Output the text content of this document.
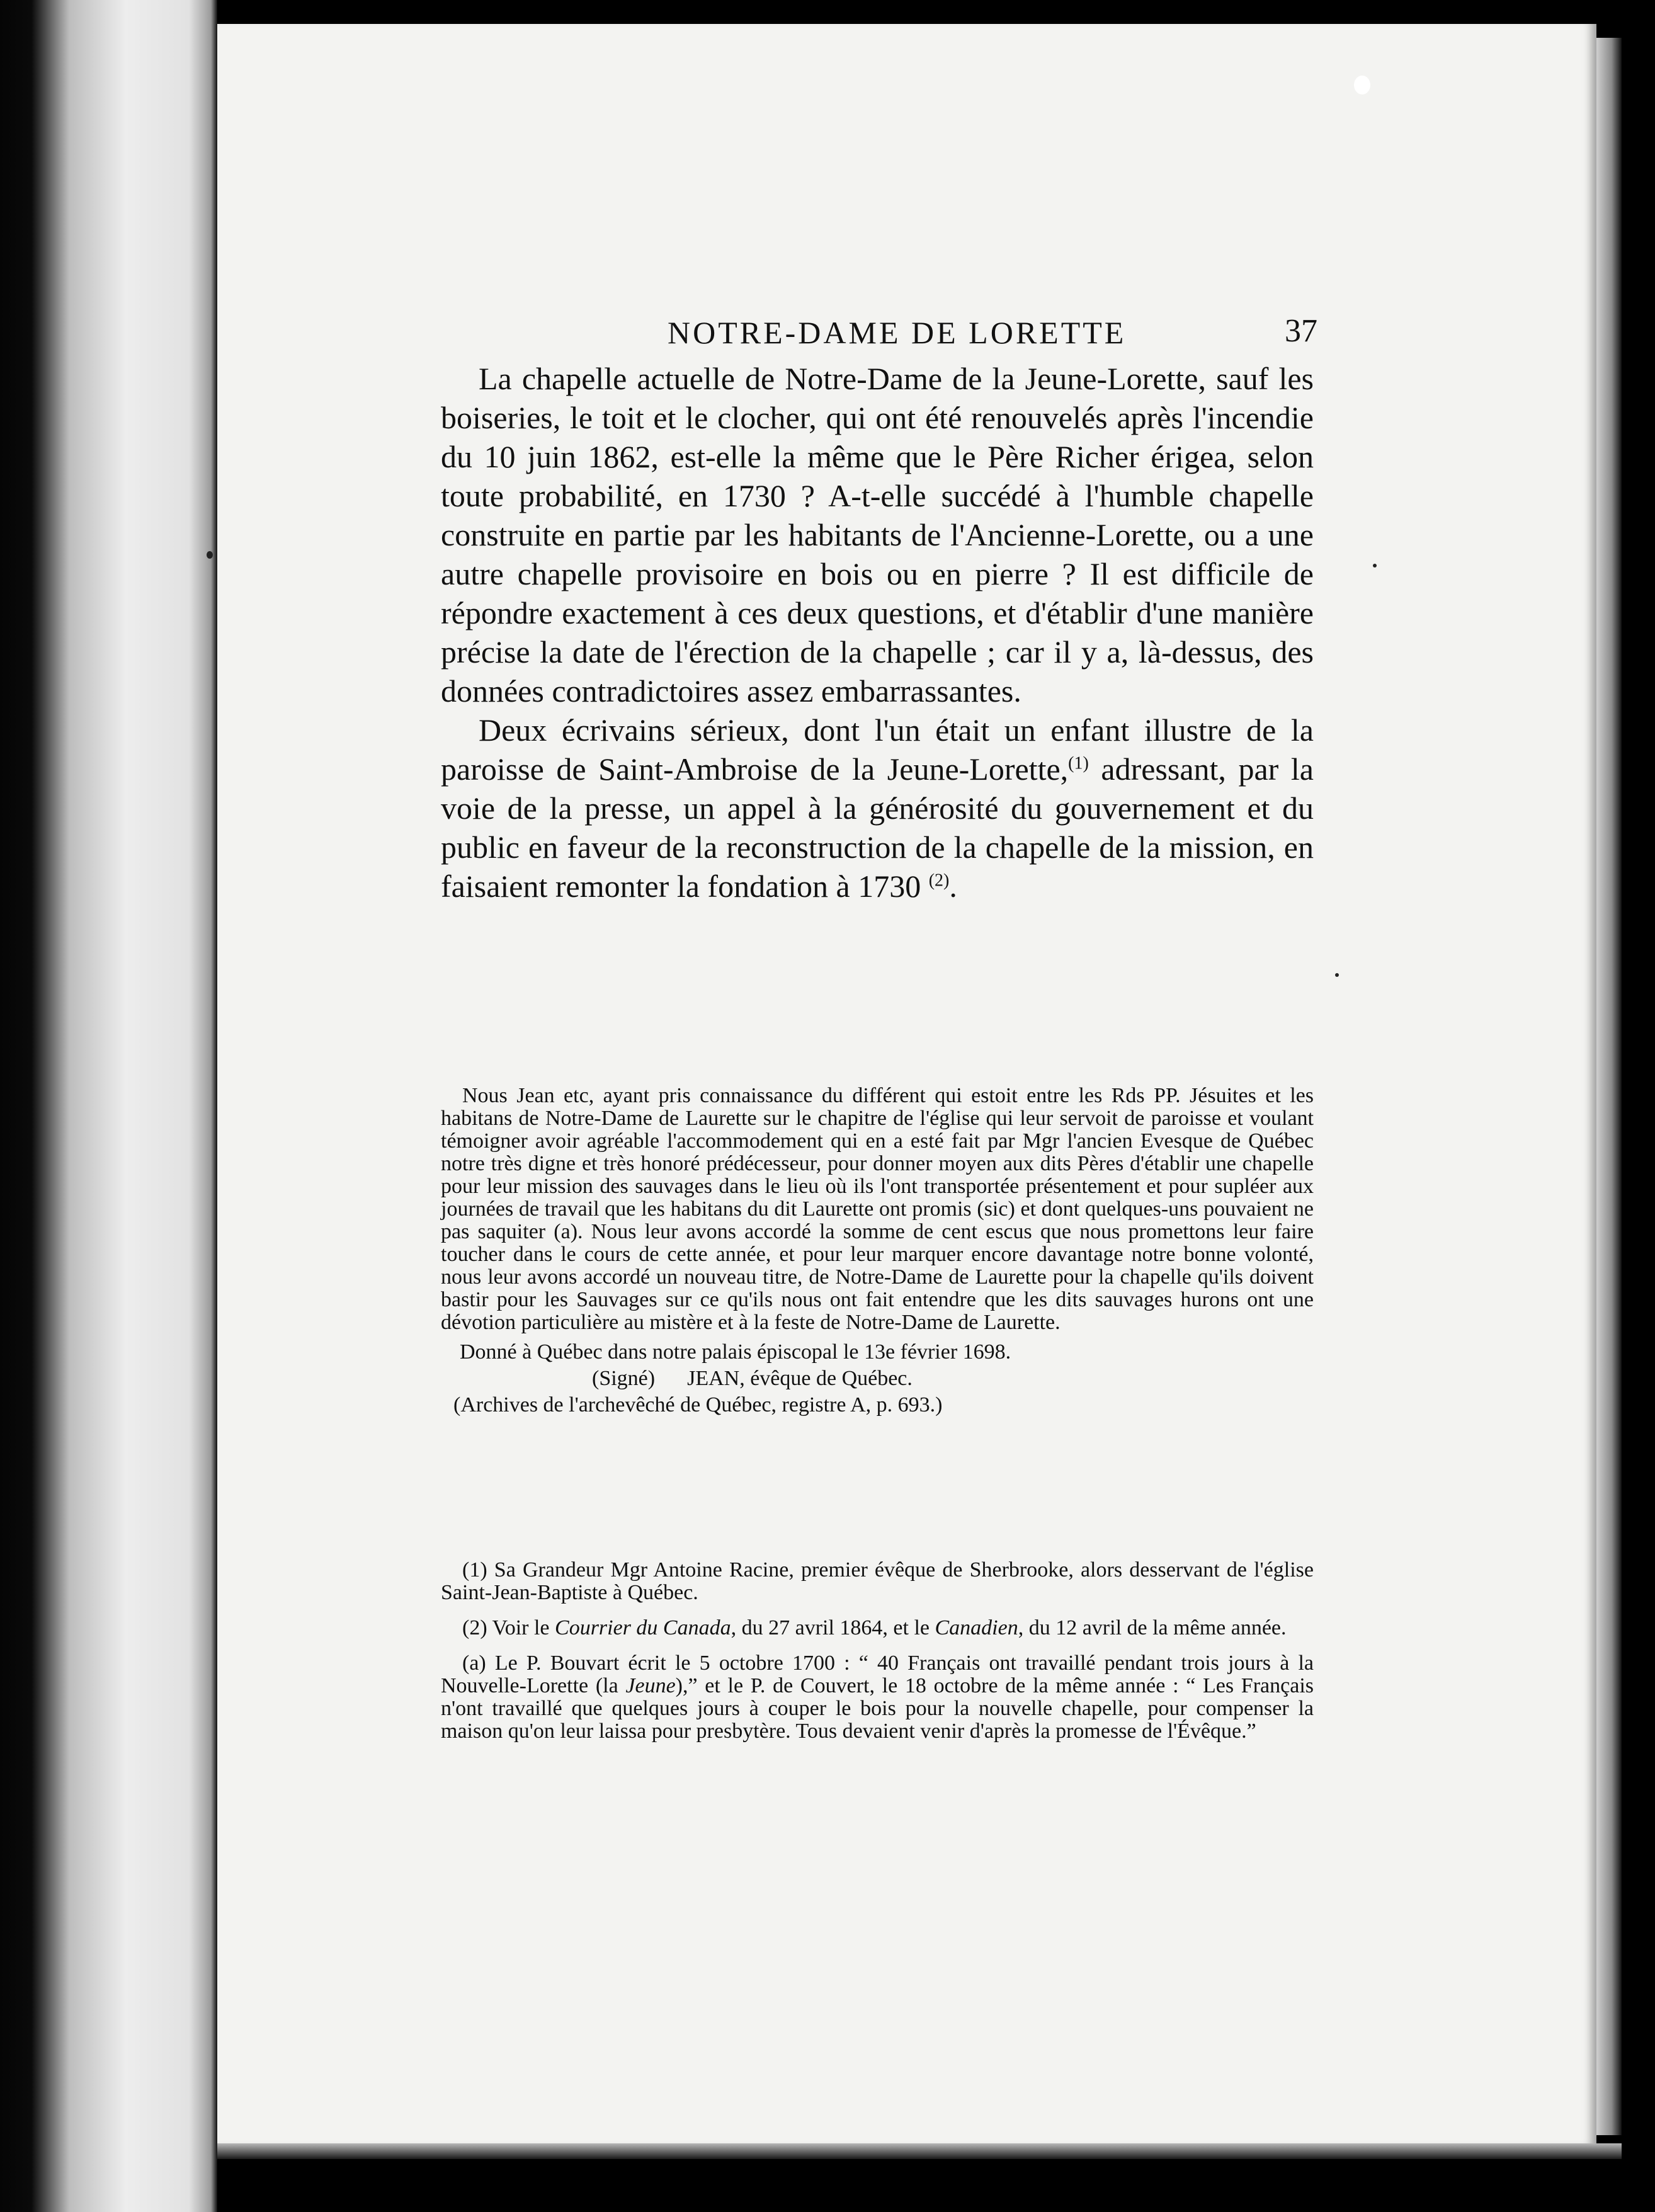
NOTRE-DAME DE LORETTE	37

La chapelle actuelle de Notre-Dame de la Jeune-Lorette, sauf les boiseries, le toit et le clocher, qui ont été renouvelés après l'incendie du 10 juin 1862, est-elle la même que le Père Richer érigea, selon toute probabilité, en 1730 ? A-t-elle succédé à l'humble chapelle construite en partie par les habitants de l'Ancienne-Lorette, ou a une autre chapelle provisoire en bois ou en pierre ? Il est difficile de répondre exactement à ces deux questions, et d'établir d'une manière précise la date de l'érection de la chapelle ; car il y a, là-dessus, des données contradictoires assez embarrassantes.

Deux écrivains sérieux, dont l'un était un enfant illustre de la paroisse de Saint-Ambroise de la Jeune-Lorette,$^{(1)}$ adressant, par la voie de la presse, un appel à la générosité du gouvernement et du public en faveur de la reconstruction de la chapelle de la mission, en faisaient remonter la fondation à 1730 $^{(2)}$.

Nous Jean etc, ayant pris connaissance du différent qui estoit entre les Rds PP. Jésuites et les habitans de Notre-Dame de Laurette sur le chapitre de l'église qui leur servoit de paroisse et voulant témoigner avoir agréable l'accommodement qui en a esté fait par Mgr l'ancien Evesque de Québec notre très digne et très honoré prédécesseur, pour donner moyen aux dits Pères d'établir une chapelle pour leur mission des sauvages dans le lieu où ils l'ont transportée présentement et pour supléer aux journées de travail que les habitans du dit Laurette ont promis (sic) et dont quelques-uns pouvaient ne pas saquiter (a). Nous leur avons accordé la somme de cent escus que nous promettons leur faire toucher dans le cours de cette année, et pour leur marquer encore davantage notre bonne volonté, nous leur avons accordé un nouveau titre, de Notre-Dame de Laurette pour la chapelle qu'ils doivent bastir pour les Sauvages sur ce qu'ils nous ont fait entendre que les dits sauvages hurons ont une dévotion particulière au mistère et à la feste de Notre-Dame de Laurette.

Donné à Québec dans notre palais épiscopal le 13e février 1698.
(Signé) JEAN, évêque de Québec.
(Archives de l'archevêché de Québec, registre A, p. 693.)

(1) Sa Grandeur Mgr Antoine Racine, premier évêque de Sherbrooke, alors desservant de l'église Saint-Jean-Baptiste à Québec.

(2) Voir le Courrier du Canada, du 27 avril 1864, et le Canadien, du 12 avril de la même année.

(a) Le P. Bouvart écrit le 5 octobre 1700 : “ 40 Français ont travaillé pendant trois jours à la Nouvelle-Lorette (la Jeune),” et le P. de Couvert, le 18 octobre de la même année : “ Les Français n'ont travaillé que quelques jours à couper le bois pour la nouvelle chapelle, pour compenser la maison qu'on leur laissa pour presbytère. Tous devaient venir d'après la promesse de l'Évêque.”
